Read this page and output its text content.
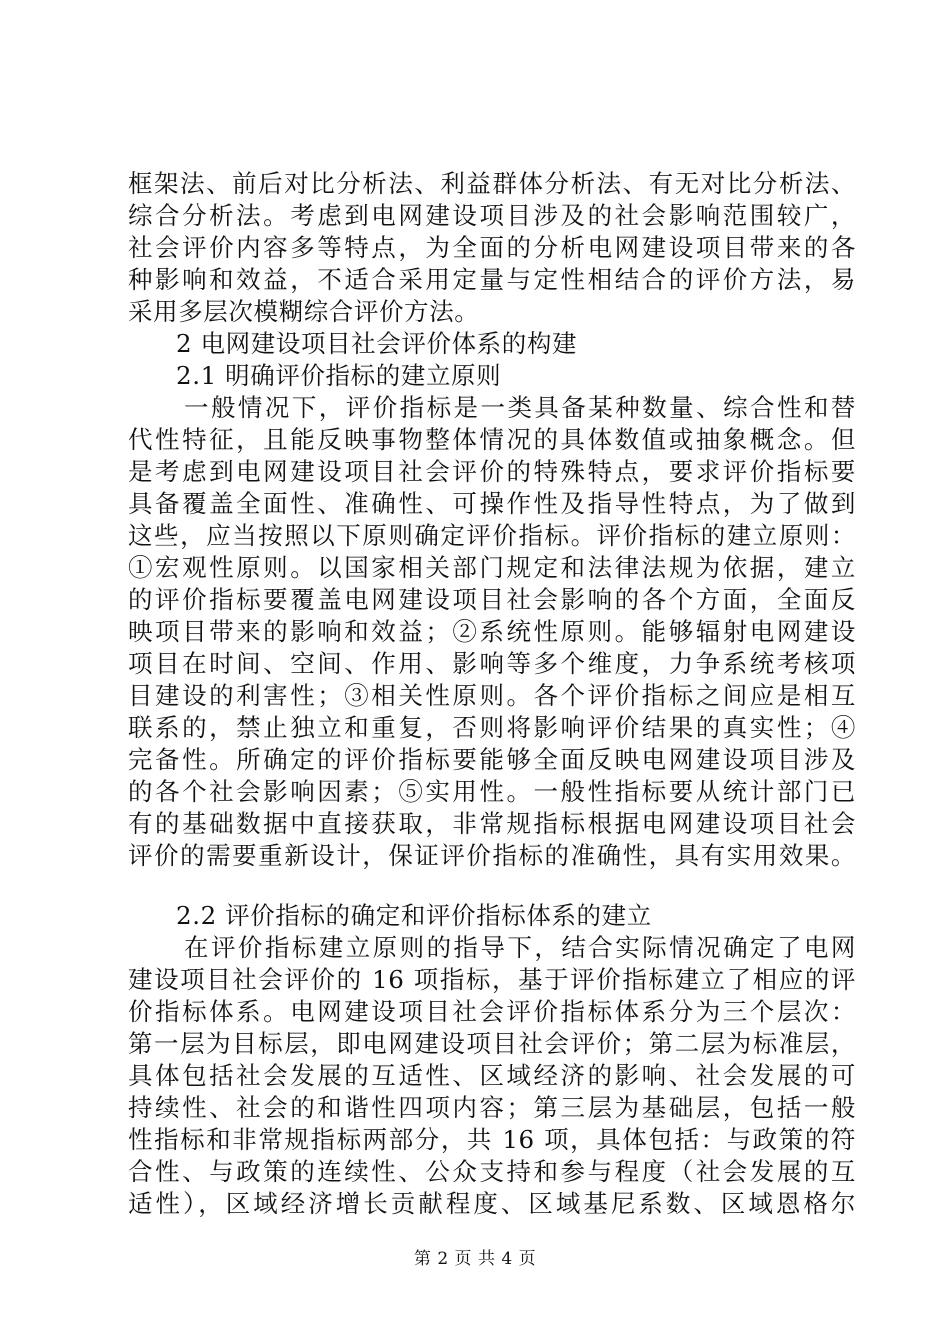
框架法、前后对比分析法、利益群体分析法、有无对比分析法、
综合分析法。考虑到电网建设项目涉及的社会影响范围较广，
社会评价内容多等特点，为全面的分析电网建设项目带来的各
种影响和效益，不适合采用定量与定性相结合的评价方法，易
采用多层次模糊综合评价方法。
2 电网建设项目社会评价体系的构建
2.1 明确评价指标的建立原则
一般情况下，评价指标是一类具备某种数量、综合性和替
代性特征，且能反映事物整体情况的具体数值或抽象概念。但
是考虑到电网建设项目社会评价的特殊特点，要求评价指标要
具备覆盖全面性、准确性、可操作性及指导性特点，为了做到
这些，应当按照以下原则确定评价指标。评价指标的建立原则：
①宏观性原则。以国家相关部门规定和法律法规为依据，建立
的评价指标要覆盖电网建设项目社会影响的各个方面，全面反
映项目带来的影响和效益；②系统性原则。能够辐射电网建设
项目在时间、空间、作用、影响等多个维度，力争系统考核项
目建设的利害性；③相关性原则。各个评价指标之间应是相互
联系的，禁止独立和重复，否则将影响评价结果的真实性；④
完备性。所确定的评价指标要能够全面反映电网建设项目涉及
的各个社会影响因素；⑤实用性。一般性指标要从统计部门已
有的基础数据中直接获取，非常规指标根据电网建设项目社会
评价的需要重新设计，保证评价指标的准确性，具有实用效果。
2.2 评价指标的确定和评价指标体系的建立
在评价指标建立原则的指导下，结合实际情况确定了电网
建设项目社会评价的 16 项指标，基于评价指标建立了相应的评
价指标体系。电网建设项目社会评价指标体系分为三个层次：
第一层为目标层，即电网建设项目社会评价；第二层为标准层，
具体包括社会发展的互适性、区域经济的影响、社会发展的可
持续性、社会的和谐性四项内容；第三层为基础层，包括一般
性指标和非常规指标两部分，共 16 项，具体包括：与政策的符
合性、与政策的连续性、公众支持和参与程度（社会发展的互
适性），区域经济增长贡献程度、区域基尼系数、区域恩格尔
第 2 页 共 4 页
